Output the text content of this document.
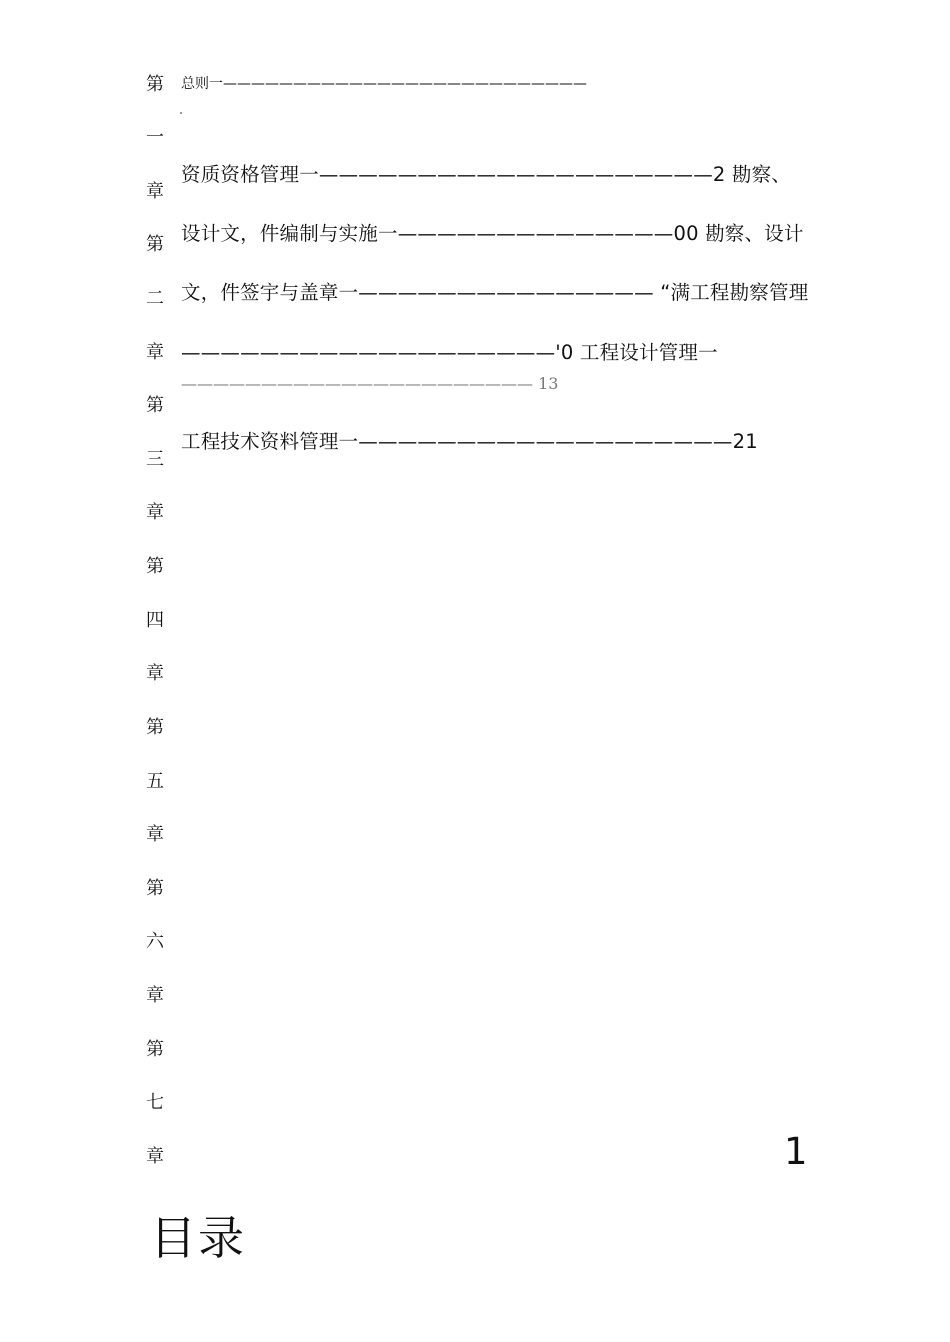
第
一
章
第
二
章
第
三
章
第
四
章
第
五
章
第
六
章
第
七
章
总则一——————————————————————————
资质资格管理一————————————————————2 勘察、
设计文，件编制与实施一——————————————00 勘察、设计
文，件签宇与盖章一——————————————— “满工程勘察管理
———————————————————'0 工程设计管理一
—————————————————————— 13
工程技术资料管理一———————————————————21
1
目录
